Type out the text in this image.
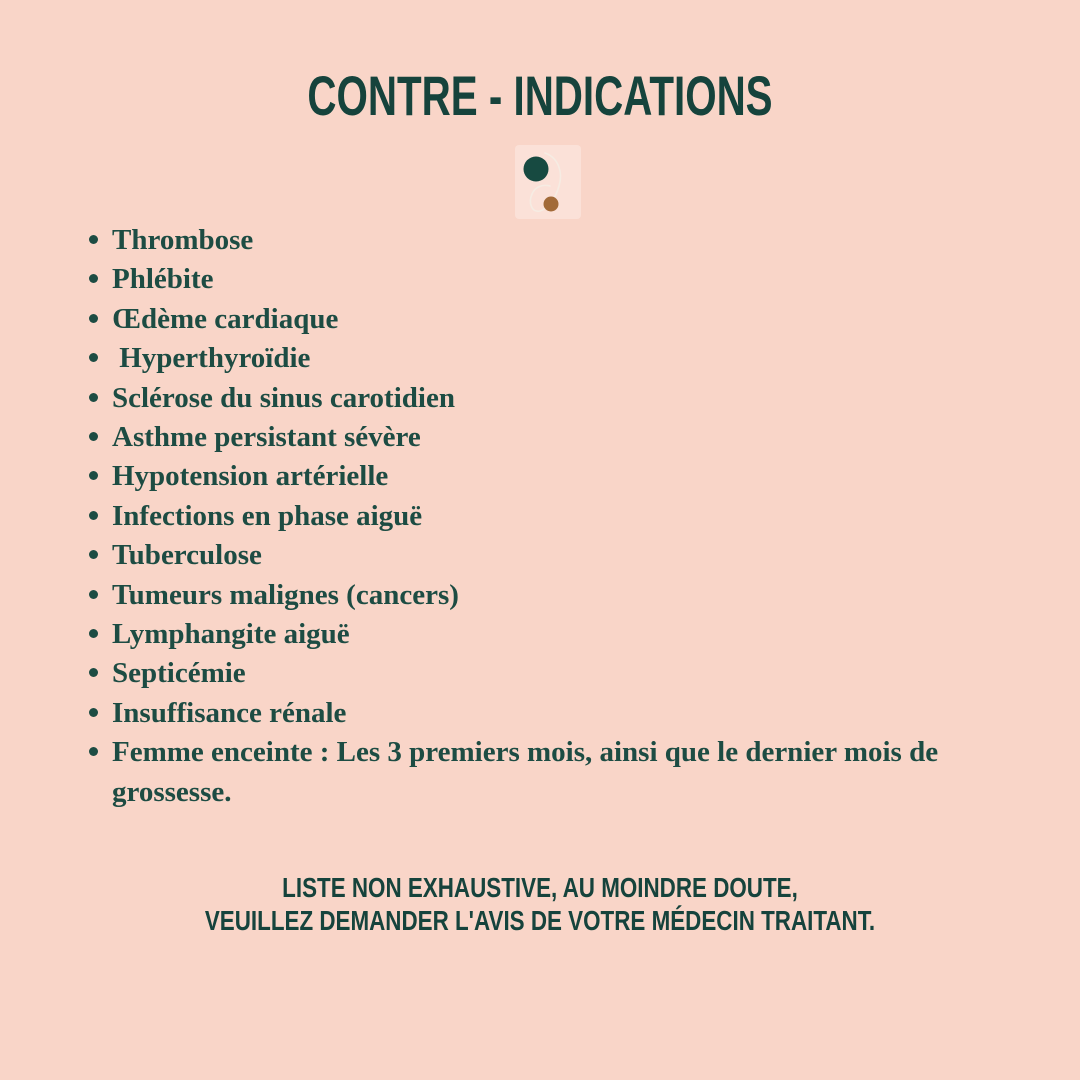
CONTRE - INDICATIONS
Thrombose
Phlébite
Œdème cardiaque
Hyperthyroïdie
Sclérose du sinus carotidien
Asthme persistant sévère
Hypotension artérielle
Infections en phase aiguë
Tuberculose
Tumeurs malignes (cancers)
Lymphangite aiguë
Septicémie
Insuffisance rénale
Femme enceinte : Les 3 premiers mois, ainsi que le dernier mois de grossesse.
LISTE NON EXHAUSTIVE, AU MOINDRE DOUTE,
VEUILLEZ DEMANDER L'AVIS DE VOTRE MÉDECIN TRAITANT.
